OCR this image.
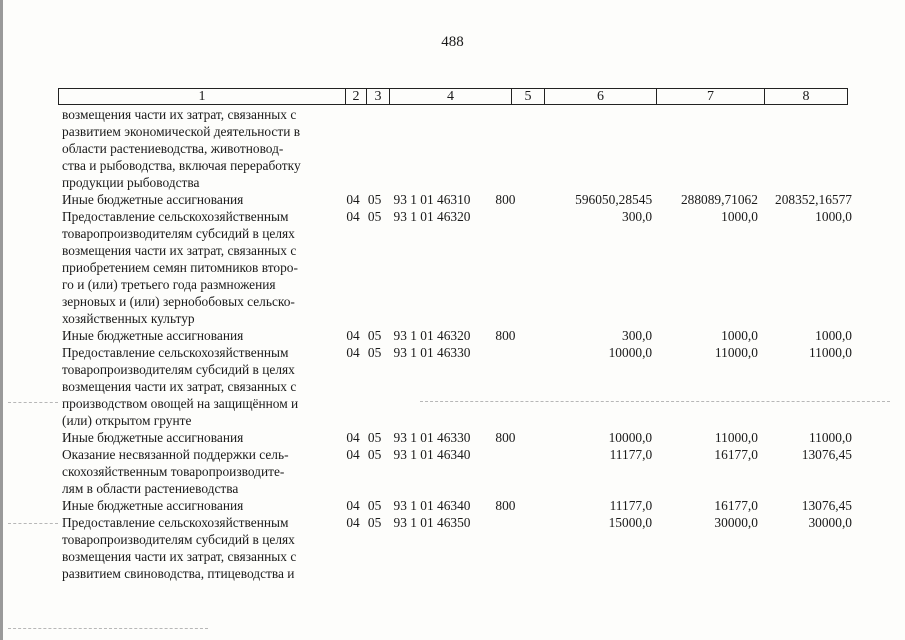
488
1	2	3	4	5	6	7	8
возмещения части их затрат, связанных с
развитием экономической деятельности в
области растениеводства, животновод-
ства и рыбоводства, включая переработку
продукции рыбоводства
Иные бюджетные ассигнования	04 05 93 1 01 46310	800	596050,28545	288089,71062	208352,16577
Предоставление сельскохозяйственным
товаропроизводителям субсидий в целях
возмещения части их затрат, связанных с
приобретением семян питомников второ-
го и (или) третьего года размножения
зерновых и (или) зернобобовых сельско-
хозяйственных культур
04 05 93 1 01 46320	300,0	1000,0	1000,0
Иные бюджетные ассигнования	04 05 93 1 01 46320	800	300,0	1000,0	1000,0
Предоставление сельскохозяйственным
товаропроизводителям субсидий в целях
возмещения части их затрат, связанных с
производством овощей на защищённом и
(или) открытом грунте
04 05 93 1 01 46330	10000,0	11000,0	11000,0
Иные бюджетные ассигнования	04 05 93 1 01 46330	800	10000,0	11000,0	11000,0
Оказание несвязанной поддержки сель-
скохозяйственным товаропроизводите-
лям в области растениеводства
04 05 93 1 01 46340	11177,0	16177,0	13076,45
Иные бюджетные ассигнования	04 05 93 1 01 46340	800	11177,0	16177,0	13076,45
Предоставление сельскохозяйственным
товаропроизводителям субсидий в целях
возмещения части их затрат, связанных с
развитием свиноводства, птицеводства и
04 05 93 1 01 46350	15000,0	30000,0	30000,0
